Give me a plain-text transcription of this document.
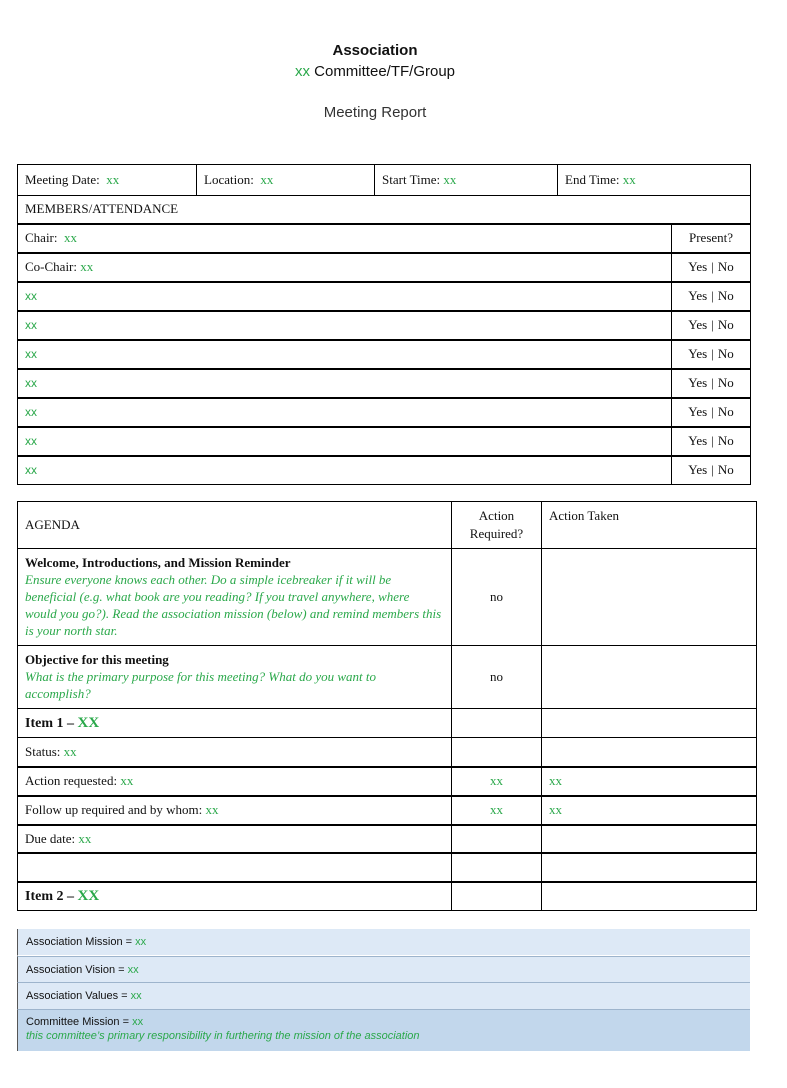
Association
xx Committee/TF/Group
Meeting Report
Meeting Date: xx	Location: xx	Start Time: xx	End Time: xx	
MEMBERS/ATTENDANCE				
Chair: xx				Present?
Co-Chair: xx				Yes | No
xx				Yes | No
xx				Yes | No
xx				Yes | No
xx				Yes | No
xx				Yes | No
xx				Yes | No
xx				Yes | No
AGENDA	Action Required?	Action Taken

Welcome, Introductions, and Mission Reminder
Ensure everyone knows each other. Do a simple icebreaker if it will be beneficial (e.g. what book are you reading? If you travel anywhere, where would you go?). Read the association mission (below) and remind members this is your north star.	no	

Objective for this meeting
What is the primary purpose for this meeting? What do you want to accomplish?	no	
Item 1 – XX		
Status: xx		
Action requested: xx	xx	xx
Follow up required and by whom: xx	xx	xx
Due date: xx		

Item 2 – XX		
Association Mission = xx
Association Vision = xx
Association Values = xx
Committee Mission = xx
this committee’s primary responsibility in furthering the mission of the association
